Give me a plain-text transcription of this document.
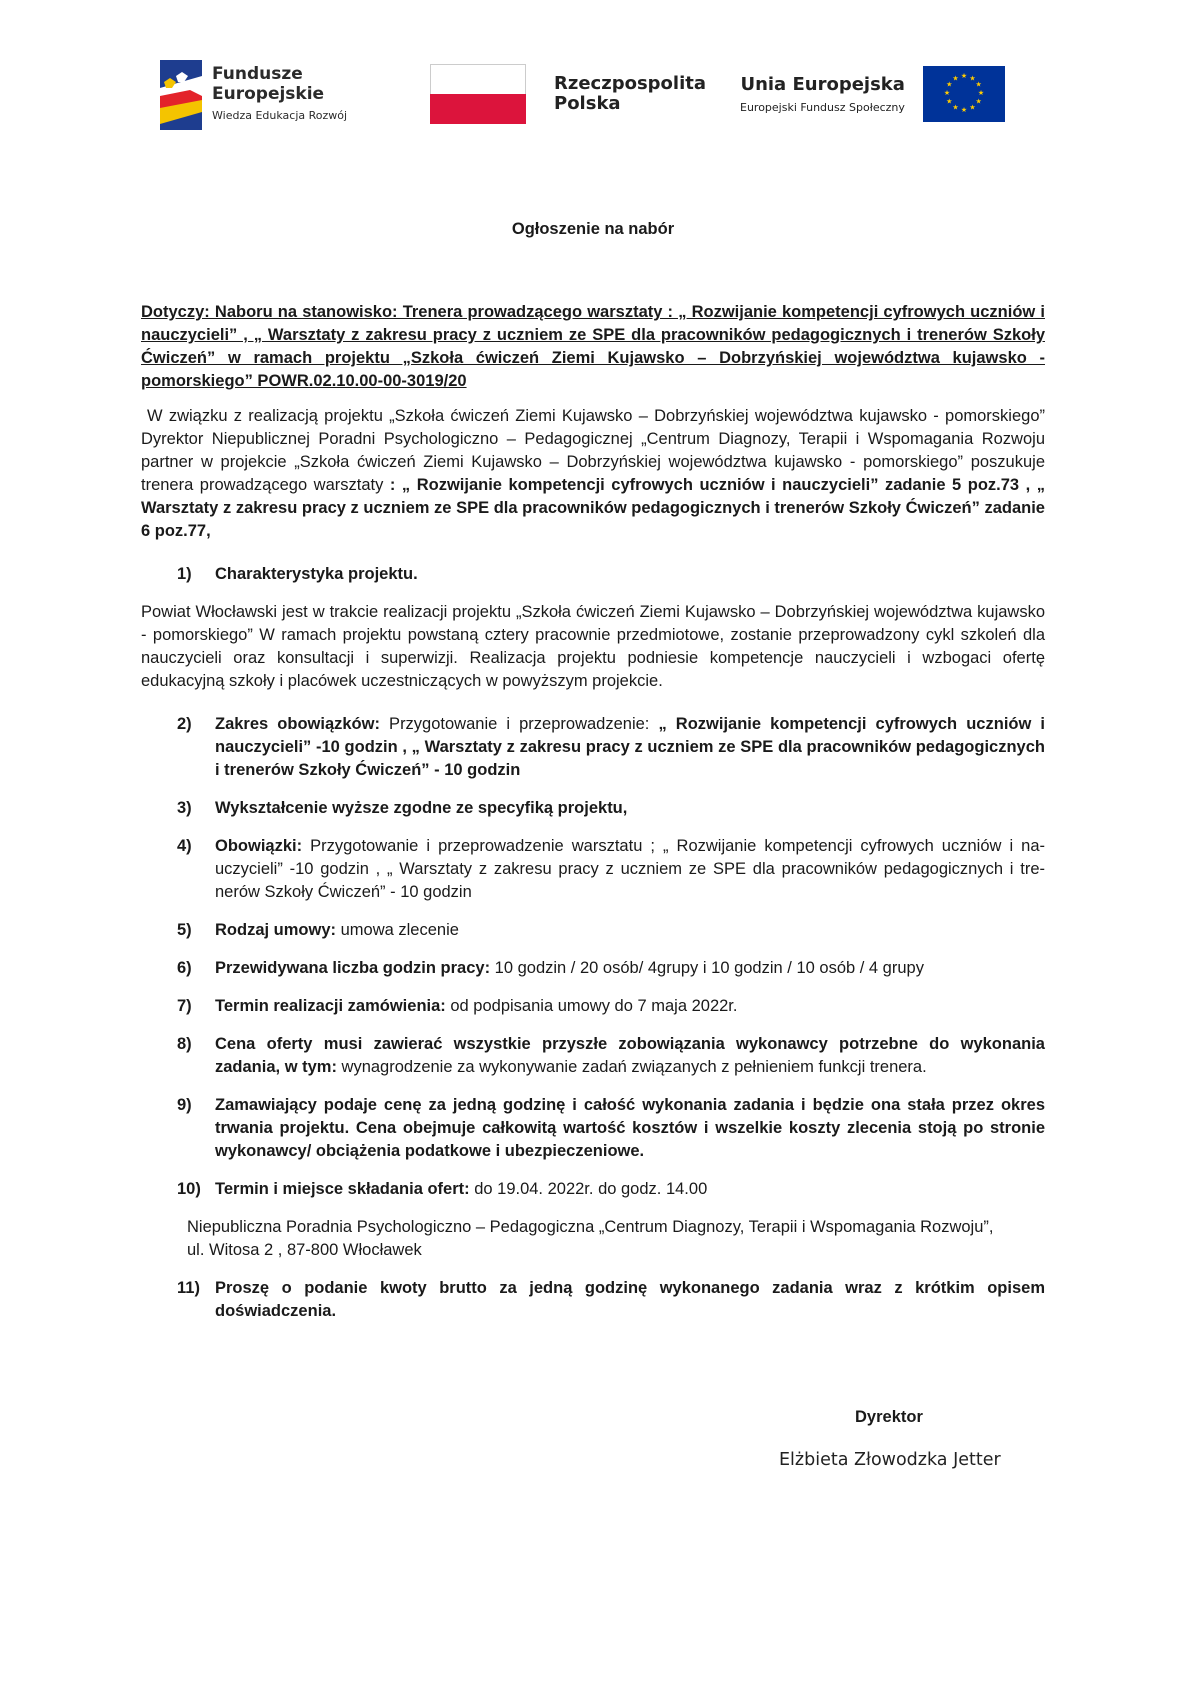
Fundusze
Europejskie
Wiedza Edukacja Rozwój
Rzeczpospolita
Polska
Unia Europejska
Europejski Fundusz Społeczny
★ ★
★
★
★
★
★
★
★
★
★
★
Ogłoszenie na nabór
Dotyczy: Naboru na stanowisko: Trenera prowadzącego warsztaty : „ Rozwijanie kompetencji cyfrowych uczniów i nauczycieli” , „ Warsztaty z zakresu pracy z uczniem ze SPE dla pracowników pedagogicznych i trenerów Szkoły Ćwiczeń” w ramach projektu „Szkoła ćwiczeń Ziemi Kujawsko – Dobrzyńskiej województwa kujawsko - pomorskiego” POWR.02.10.00-00-3019/20
W związku z realizacją projektu „Szkoła ćwiczeń Ziemi Kujawsko – Dobrzyńskiej województwa kujawsko - pomorskiego” Dyrektor Niepublicznej Poradni Psychologiczno – Pedagogicznej „Centrum Diagnozy, Terapii i Wspomagania Rozwoju partner w projekcie „Szkoła ćwiczeń Ziemi Kujawsko – Dobrzyńskiej województwa kujawsko - pomorskiego” poszukuje trenera prowadzącego warsztaty : „ Rozwijanie kompetencji cyfrowych uczniów i nauczycieli” zadanie 5 poz.73 , „ Warsztaty z zakresu pracy z uczniem ze SPE dla pracowników pedagogicznych i trenerów Szkoły Ćwiczeń” zadanie 6 poz.77,
1)	Charakterystyka projektu.
Powiat Włocławski jest w trakcie realizacji projektu „Szkoła ćwiczeń Ziemi Kujawsko – Dobrzyńskiej województwa kujawsko - pomorskiego” W ramach projektu powstaną cztery pracownie przedmiotowe, zostanie przeprowadzony cykl szkoleń dla nauczycieli oraz konsultacji i superwizji. Realizacja projektu podniesie kompetencje nauczycieli i wzbogaci ofertę edukacyjną szkoły i placówek uczestniczących w powyższym projekcie.
2)	Zakres obowiązków: Przygotowanie i przeprowadzenie: „ Rozwijanie kompetencji cyfrowych uczniów i nauczycieli” -10 godzin , „ Warsztaty z zakresu pracy z uczniem ze SPE dla pracowników pedagogicznych i trenerów Szkoły Ćwiczeń” - 10 godzin
3)	Wykształcenie wyższe zgodne ze specyfiką projektu,
4)	Obowiązki: Przygotowanie i przeprowadzenie warsztatu ; „ Rozwijanie kompetencji cyfrowych uczniów i na- uczycieli” -10 godzin , „ Warsztaty z zakresu pracy z uczniem ze SPE dla pracowników pedagogicznych i tre- nerów Szkoły Ćwiczeń” - 10 godzin
5)	Rodzaj umowy: umowa zlecenie
6)	Przewidywana liczba godzin pracy: 10 godzin / 20 osób/ 4grupy i 10 godzin / 10 osób / 4 grupy
7)	Termin realizacji zamówienia: od podpisania umowy do 7 maja 2022r.
8)	Cena oferty musi zawierać wszystkie przyszłe zobowiązania wykonawcy potrzebne do wykonania zadania, w tym: wynagrodzenie za wykonywanie zadań związanych z pełnieniem funkcji trenera.
9)	Zamawiający podaje cenę za jedną godzinę i całość wykonania zadania i będzie ona stała przez okres trwania projektu. Cena obejmuje całkowitą wartość kosztów i wszelkie koszty zlecenia stoją po stronie wykonawcy/ obciążenia podatkowe i ubezpieczeniowe.
10) Termin i miejsce składania ofert: do 19.04. 2022r. do godz. 14.00
Niepubliczna Poradnia Psychologiczno – Pedagogiczna „Centrum Diagnozy, Terapii i Wspomagania Rozwoju”,
ul. Witosa 2 , 87-800 Włocławek
11) Proszę o podanie kwoty brutto za jedną godzinę wykonanego zadania wraz z krótkim opisem doświadczenia.
Dyrektor
Elżbieta Złowodzka Jetter
